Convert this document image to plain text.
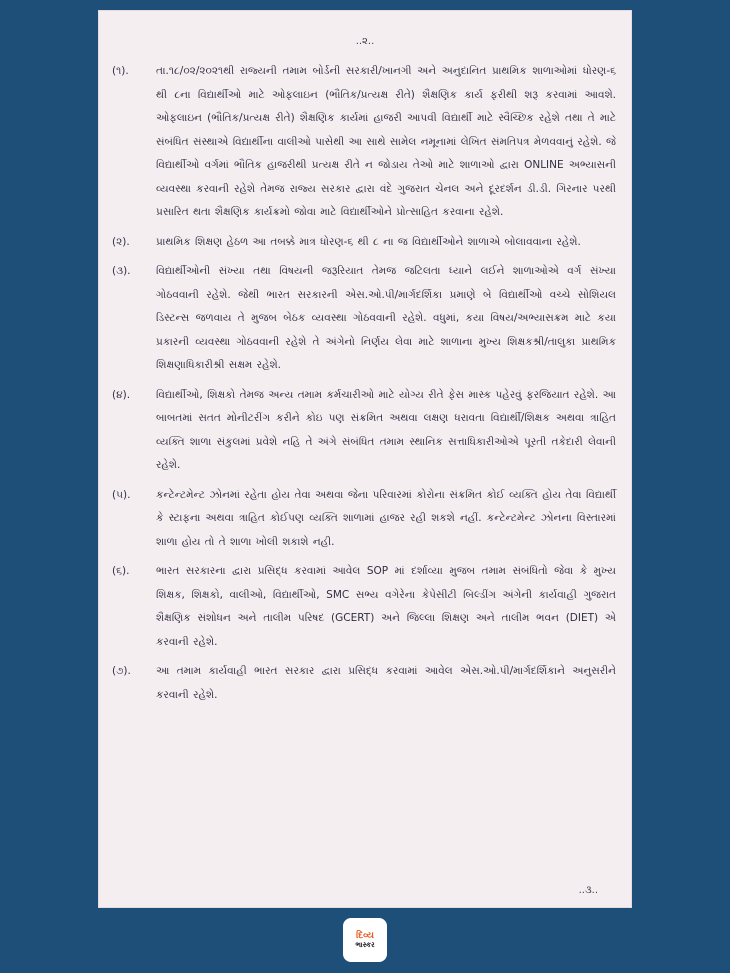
..૨..
(૧).	તા.૧૮/૦૨/૨૦૨૧થી રાજ્યની તમામ બોર્ડની સરકારી/ખાનગી અને અનુદાનિત પ્રાથમિક શાળાઓમાં ધોરણ-૬ થી ૮ના વિદ્યાર્થીઓ માટે ઓફલાઇન (ભૌતિક/પ્રત્યક્ષ રીતે) શૈક્ષણિક કાર્ય ફરીથી શરૂ કરવામાં આવશે. ઓફલાઇન (ભૌતિક/પ્રત્યક્ષ રીતે) શૈક્ષણિક કાર્યમાં હાજરી આપવી વિદ્યાર્થી માટે સ્વૈચ્છિક રહેશે તથા તે માટે સંબંધિત સંસ્થાએ વિદ્યાર્થીના વાલીઓ પાસેથી આ સાથે સામેલ નમૂનામાં લેખિત સંમતિપત્ર મેળવવાનું રહેશે. જે વિદ્યાર્થીઓ વર્ગમાં ભૌતિક હાજરીથી પ્રત્યક્ષ રીતે ન જોડાય તેઓ માટે શાળાઓ દ્વારા ONLINE અભ્યાસની વ્યવસ્થા કરવાની રહેશે તેમજ રાજ્ય સરકાર દ્વારા વંદે ગુજરાત ચેનલ અને દૂરદર્શન ડી.ડી. ગિરનાર પરથી પ્રસારિત થતા શૈક્ષણિક કાર્યક્રમો જોવા માટે વિદ્યાર્થીઓને પ્રોત્સાહિત કરવાના રહેશે.
(૨).	પ્રાથમિક શિક્ષણ હેઠળ આ તબક્કે માત્ર ધોરણ-૬ થી ૮ ના જ વિદ્યાર્થીઓને શાળાએ બોલાવવાના રહેશે.
(૩).	વિદ્યાર્થીઓની સંખ્યા તથા વિષયની જરૂરિયાત તેમજ જટિલતા ધ્યાને લઈને શાળાઓએ વર્ગ સંખ્યા ગોઠવવાની રહેશે. જેથી ભારત સરકારની એસ.ઓ.પી/માર્ગદર્શિકા પ્રમાણે બે વિદ્યાર્થીઓ વચ્ચે સોશિયલ ડિસ્ટન્સ જળવાય તે મુજબ બેઠક વ્યવસ્થા ગોઠવવાની રહેશે. વધુમાં, કયા વિષય/અભ્યાસક્રમ માટે કયા પ્રકારની વ્યવસ્થા ગોઠવવાની રહેશે તે અંગેનો નિર્ણય લેવા માટે શાળાના મુખ્ય શિક્ષકશ્રી/તાલુકા પ્રાથમિક શિક્ષણાધિકારીશ્રી સક્ષમ રહેશે.
(૪).	વિદ્યાર્થીઓ, શિક્ષકો તેમજ અન્ય તમામ કર્મચારીઓ માટે યોગ્ય રીતે ફેસ માસ્ક પહેરવું ફરજિયાત રહેશે. આ બાબતમાં સતત મોનીટરીંગ કરીને કોઇ પણ સંક્રમિત અથવા લક્ષણ ધરાવતા વિદ્યાર્થી/શિક્ષક અથવા ત્રાહિત વ્યક્તિ શાળા સંકુલમાં પ્રવેશે નહિ તે અંગે સંબંધિત તમામ સ્થાનિક સત્તાધિકારીઓએ પૂરતી તકેદારી લેવાની રહેશે.
(૫).	કન્ટેન્ટમેન્ટ ઝોનમાં રહેતા હોય તેવા અથવા જેના પરિવારમાં કોરોના સંક્રમિત કોઈ વ્યક્તિ હોય તેવા વિદ્યાર્થી કે સ્ટાફના અથવા ત્રાહિત કોઈપણ વ્યક્તિ શાળામાં હાજર રહી શકશે નહીં. કન્ટેન્ટમેન્ટ ઝોનના વિસ્તારમાં શાળા હોય તો તે શાળા ખોલી શકાશે નહી.
(૬).	ભારત સરકારના દ્વારા પ્રસિદ્ધ કરવામાં આવેલ SOP માં દર્શાવ્યા મુજબ તમામ સંબંધિતો જેવા કે મુખ્ય શિક્ષક, શિક્ષકો, વાલીઓ, વિદ્યાર્થીઓ, SMC સભ્ય વગેરેના કેપેસીટી બિલ્ડીંગ અંગેની કાર્યવાહી ગુજરાત શૈક્ષણિક સંશોધન અને તાલીમ પરિષદ (GCERT) અને જિલ્લા શિક્ષણ અને તાલીમ ભવન (DIET) એ કરવાની રહેશે.
(૭).	આ તમામ કાર્યવાહી ભારત સરકાર દ્વારા પ્રસિદ્ધ કરવામાં આવેલ એસ.ઓ.પી/માર્ગદર્શિકાને અનુસરીને કરવાની રહેશે.
..૩..
દિવ્ય
ભાસ્કર
